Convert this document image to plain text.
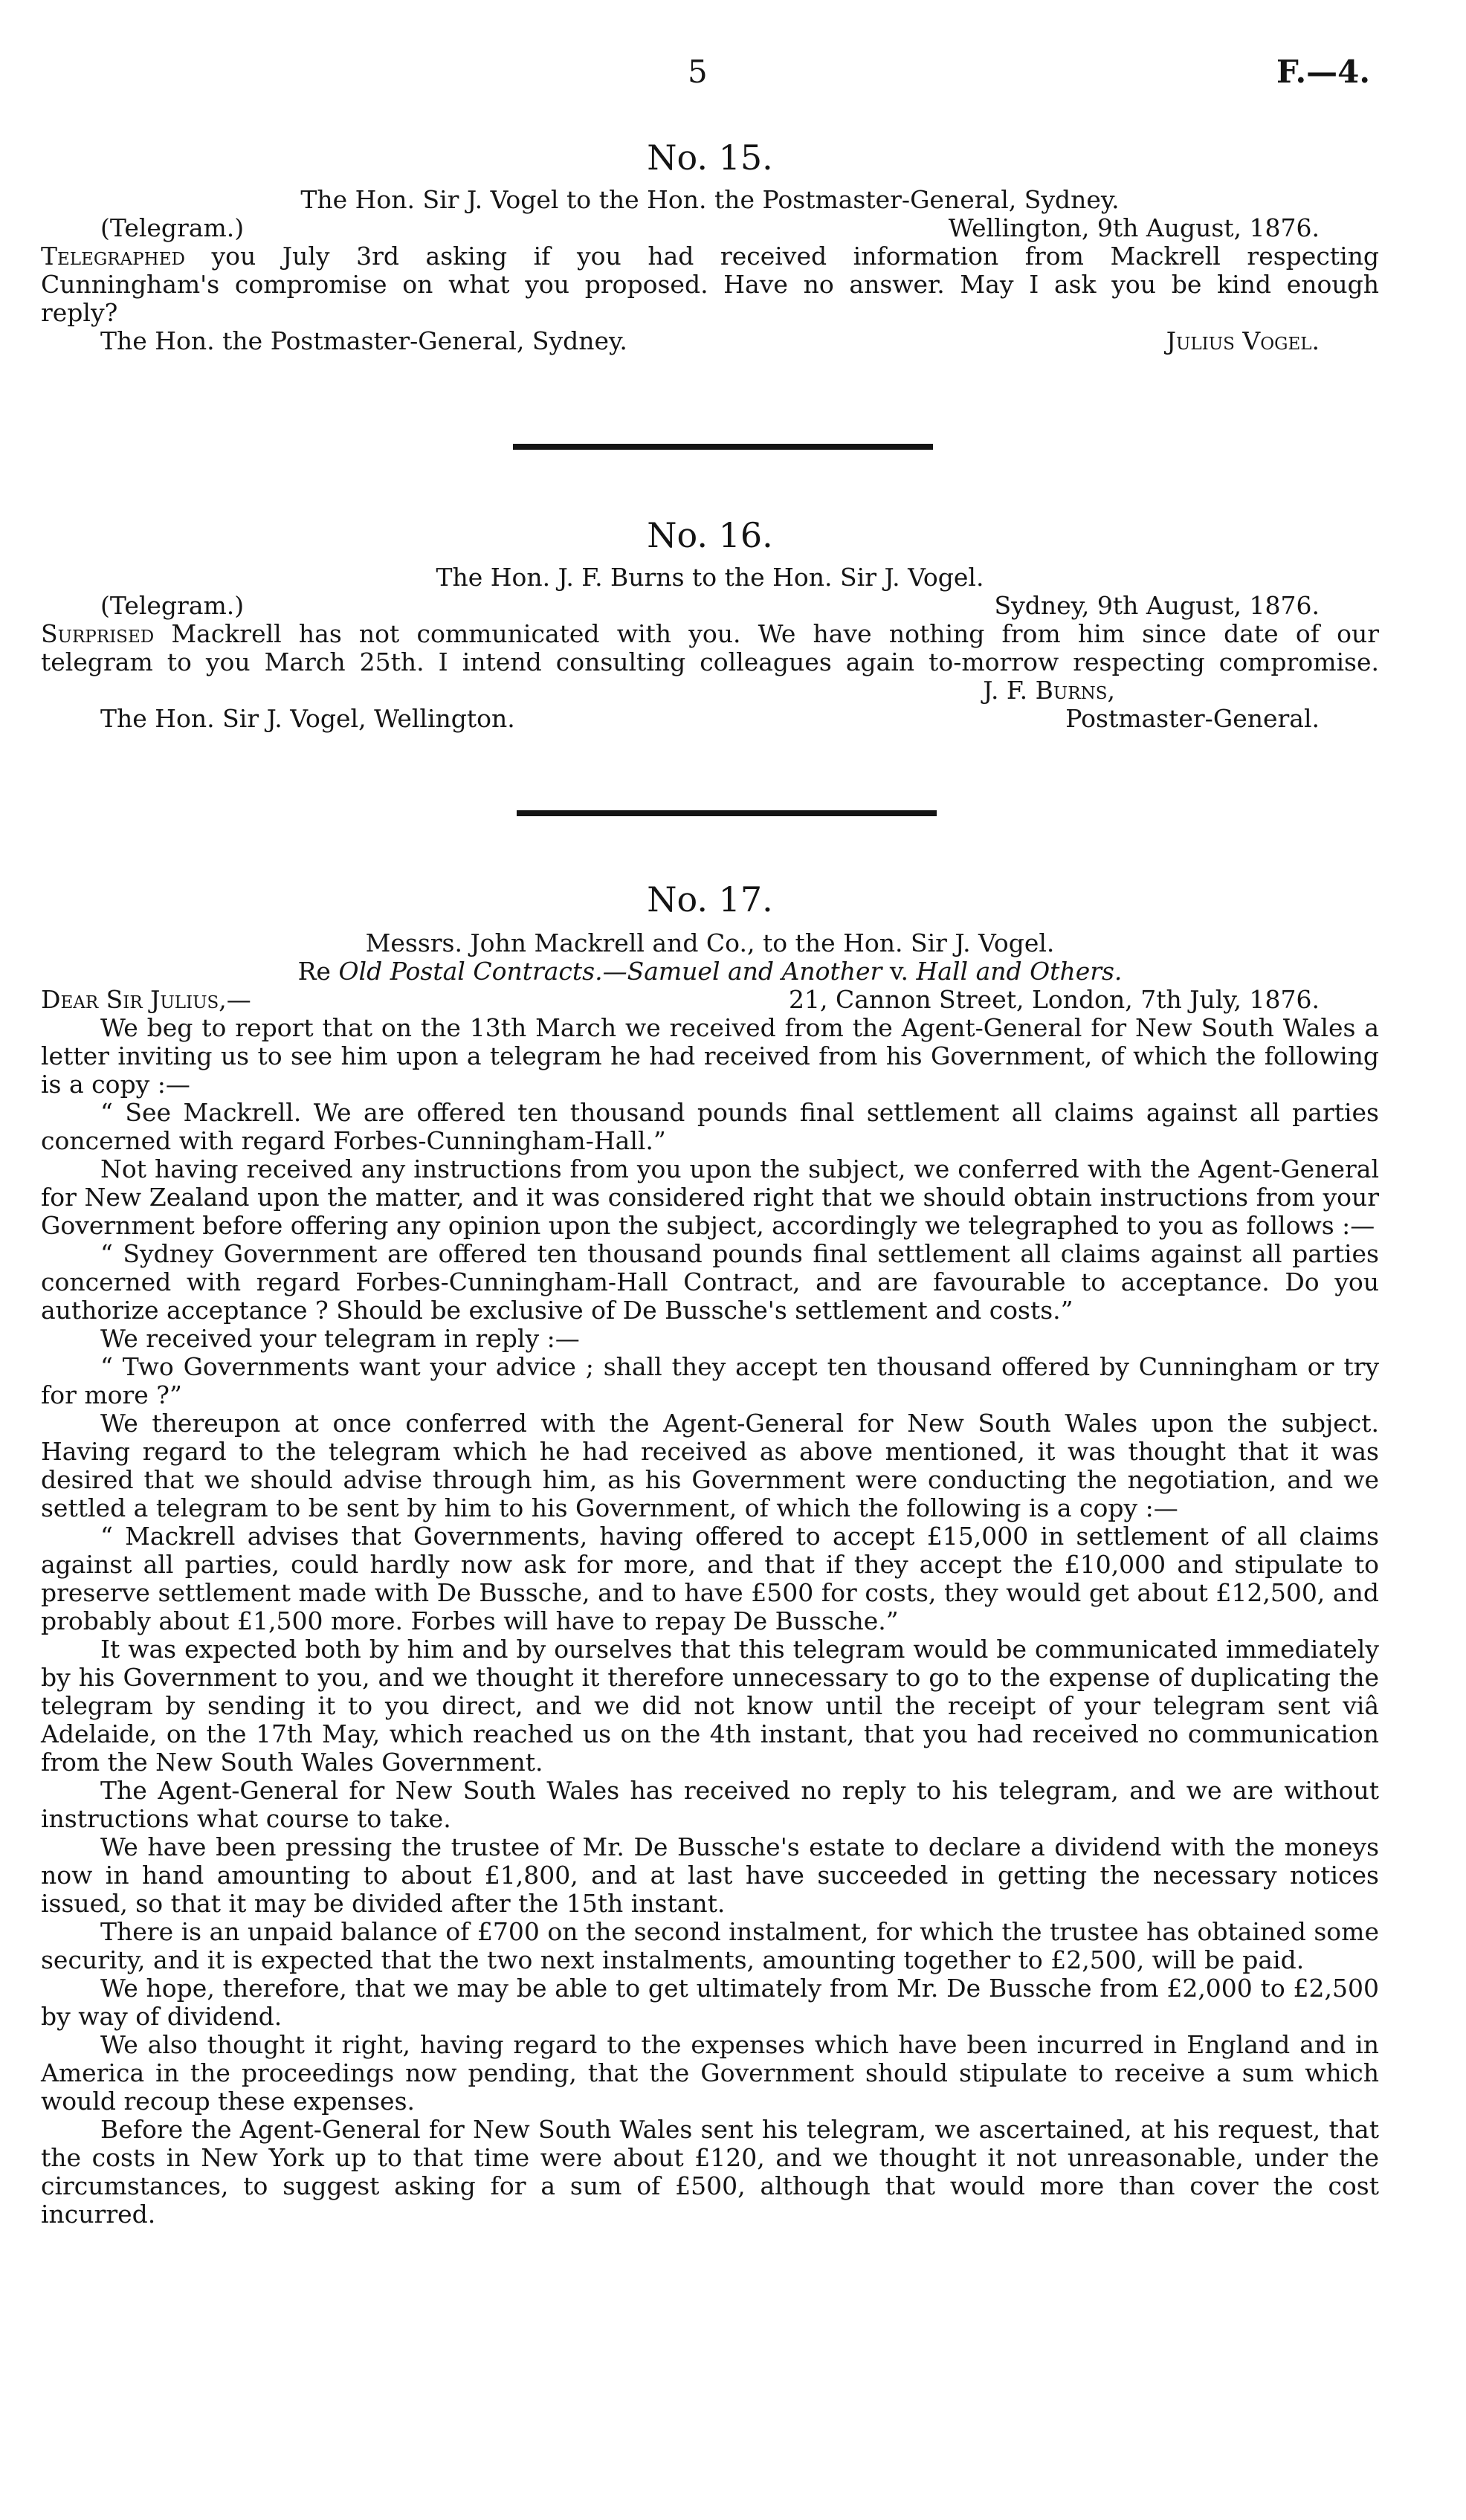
5	F.—4.

No. 15.

The Hon. Sir J. Vogel to the Hon. the Postmaster-General, Sydney.

(Telegram.)	Wellington, 9th August, 1876.

Telegraphed you July 3rd asking if you had received information from Mackrell respecting

Cunningham's compromise on what you proposed. Have no answer. May I ask you be kind enough

reply?

The Hon. the Postmaster-General, Sydney.	Julius Vogel.

No. 16.

The Hon. J. F. Burns to the Hon. Sir J. Vogel.

(Telegram.)	Sydney, 9th August, 1876.

Surprised Mackrell has not communicated with you. We have nothing from him since date of our

telegram to you March 25th. I intend consulting colleagues again to-morrow respecting compromise.

J. F. Burns,

The Hon. Sir J. Vogel, Wellington.	Postmaster-General.

No. 17.

Messrs. John Mackrell and Co., to the Hon. Sir J. Vogel.

Re Old Postal Contracts.—Samuel and Another v. Hall and Others.

Dear Sir Julius,—	21, Cannon Street, London, 7th July, 1876.

We beg to report that on the 13th March we received from the Agent-General for New South Wales a letter inviting us to see him upon a telegram he had received from his Government, of which the following is a copy :—

“ See Mackrell. We are offered ten thousand pounds final settlement all claims against all parties concerned with regard Forbes-Cunningham-Hall.”

Not having received any instructions from you upon the subject, we conferred with the Agent-General for New Zealand upon the matter, and it was considered right that we should obtain instructions from your Government before offering any opinion upon the subject, accordingly we telegraphed to you as follows :—

“ Sydney Government are offered ten thousand pounds final settlement all claims against all parties concerned with regard Forbes-Cunningham-Hall Contract, and are favourable to acceptance. Do you authorize acceptance ? Should be exclusive of De Bussche's settlement and costs.”

We received your telegram in reply :—

“ Two Governments want your advice ; shall they accept ten thousand offered by Cunningham or try for more ?”

We thereupon at once conferred with the Agent-General for New South Wales upon the subject. Having regard to the telegram which he had received as above mentioned, it was thought that it was desired that we should advise through him, as his Government were conducting the negotiation, and we settled a telegram to be sent by him to his Government, of which the following is a copy :—

“ Mackrell advises that Governments, having offered to accept £15,000 in settlement of all claims against all parties, could hardly now ask for more, and that if they accept the £10,000 and stipulate to preserve settlement made with De Bussche, and to have £500 for costs, they would get about £12,500, and probably about £1,500 more. Forbes will have to repay De Bussche.”

It was expected both by him and by ourselves that this telegram would be communicated immediately by his Government to you, and we thought it therefore unnecessary to go to the expense of duplicating the telegram by sending it to you direct, and we did not know until the receipt of your telegram sent viâ Adelaide, on the 17th May, which reached us on the 4th instant, that you had received no communication from the New South Wales Government.

The Agent-General for New South Wales has received no reply to his telegram, and we are without instructions what course to take.

We have been pressing the trustee of Mr. De Bussche's estate to declare a dividend with the moneys now in hand amounting to about £1,800, and at last have succeeded in getting the necessary notices issued, so that it may be divided after the 15th instant.

There is an unpaid balance of £700 on the second instalment, for which the trustee has obtained some security, and it is expected that the two next instalments, amounting together to £2,500, will be paid.

We hope, therefore, that we may be able to get ultimately from Mr. De Bussche from £2,000 to £2,500 by way of dividend.

We also thought it right, having regard to the expenses which have been incurred in England and in America in the proceedings now pending, that the Government should stipulate to receive a sum which would recoup these expenses.

Before the Agent-General for New South Wales sent his telegram, we ascertained, at his request, that the costs in New York up to that time were about £120, and we thought it not unreasonable, under the circumstances, to suggest asking for a sum of £500, although that would more than cover the cost incurred.
